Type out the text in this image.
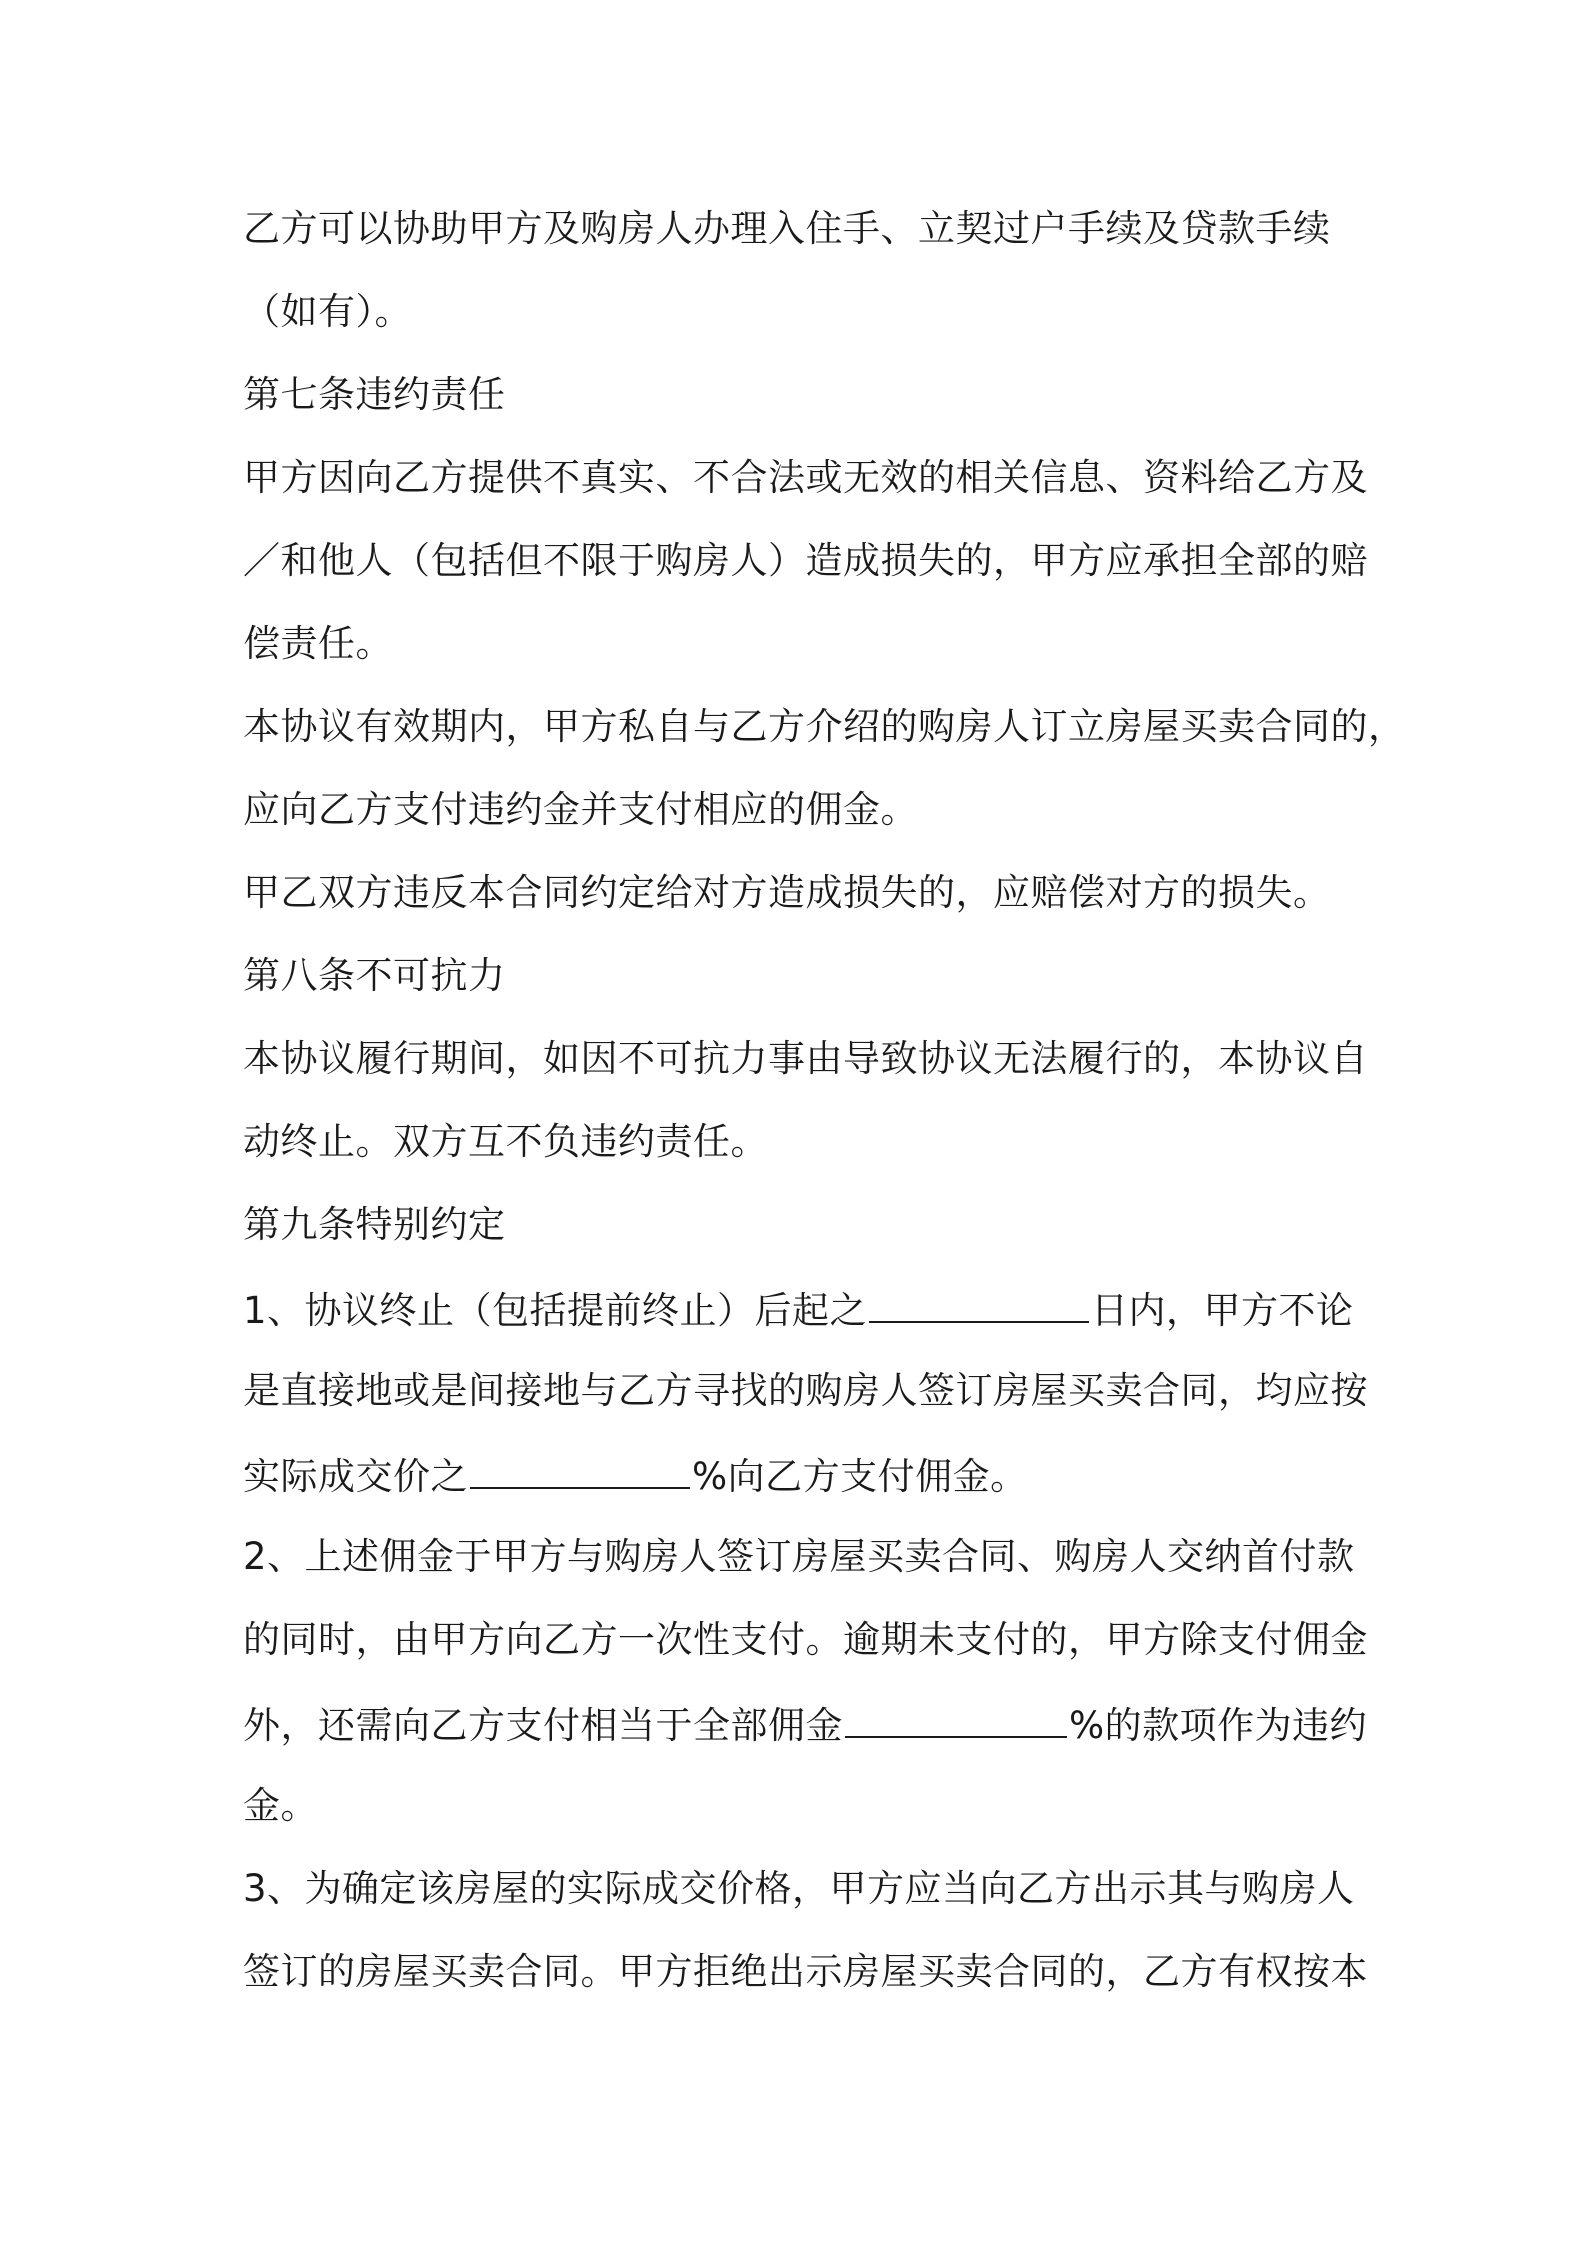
乙方可以协助甲方及购房人办理入住手、立契过户手续及贷款手续
（如有）。
第七条违约责任
甲方因向乙方提供不真实、不合法或无效的相关信息、资料给乙方及
／和他人（包括但不限于购房人）造成损失的，甲方应承担全部的赔
偿责任。
本协议有效期内，甲方私自与乙方介绍的购房人订立房屋买卖合同的，
应向乙方支付违约金并支付相应的佣金。
甲乙双方违反本合同约定给对方造成损失的，应赔偿对方的损失。
第八条不可抗力
本协议履行期间，如因不可抗力事由导致协议无法履行的，本协议自
动终止。双方互不负违约责任。
第九条特别约定
1、协议终止（包括提前终止）后起之	日内，甲方不论
是直接地或是间接地与乙方寻找的购房人签订房屋买卖合同，均应按
实际成交价之	%向乙方支付佣金。
2、上述佣金于甲方与购房人签订房屋买卖合同、购房人交纳首付款
的同时，由甲方向乙方一次性支付。逾期未支付的，甲方除支付佣金
外，还需向乙方支付相当于全部佣金	%的款项作为违约
金。
3、为确定该房屋的实际成交价格，甲方应当向乙方出示其与购房人
签订的房屋买卖合同。甲方拒绝出示房屋买卖合同的，乙方有权按本
